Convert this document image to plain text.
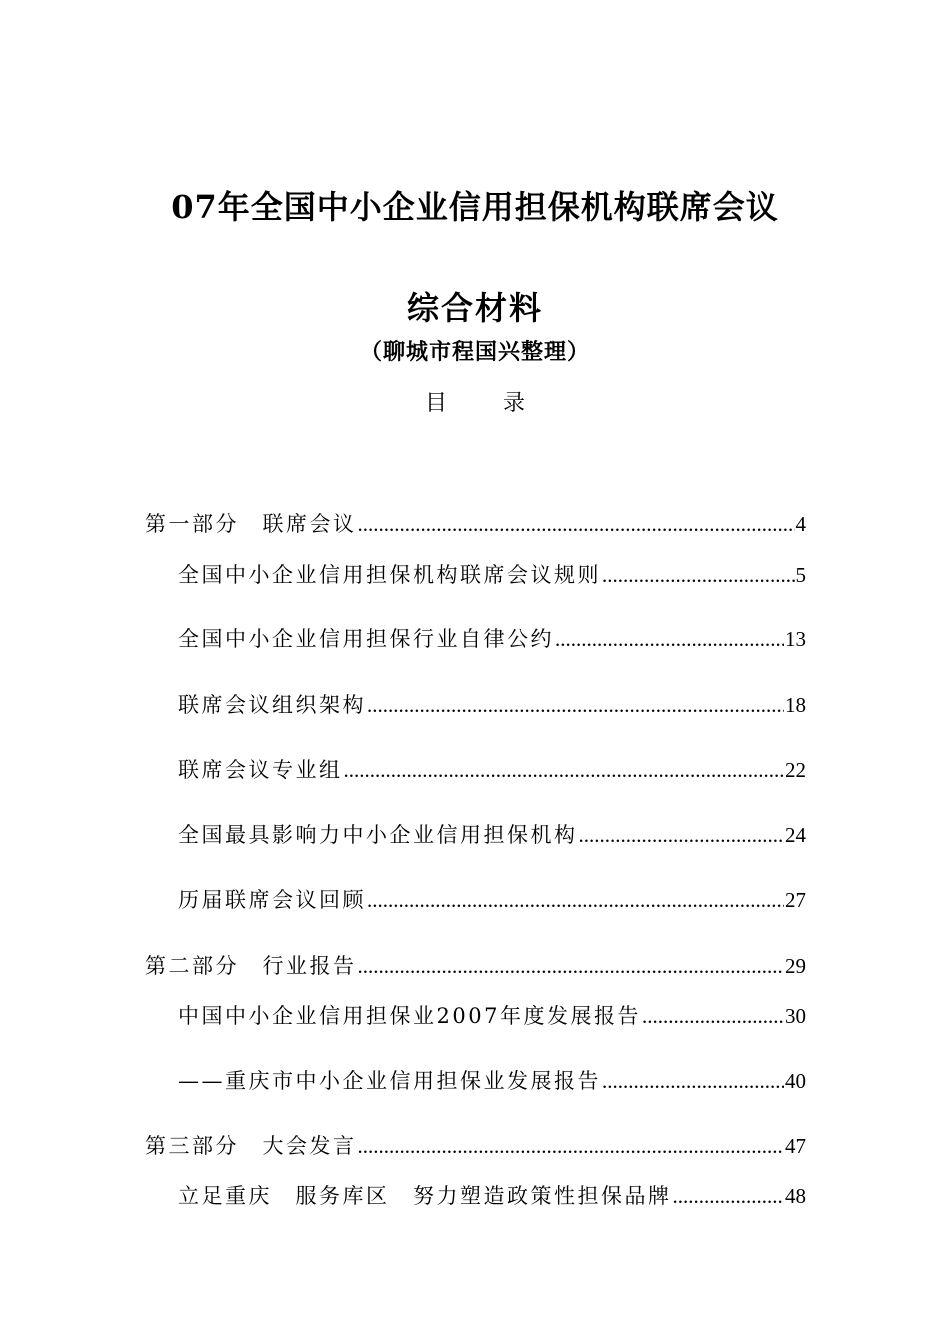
07年全国中小企业信用担保机构联席会议
综合材料
（聊城市程国兴整理）
目录
第一部分　联席会议 .....	4
全国中小企业信用担保机构联席会议规则 .....	5
全国中小企业信用担保行业自律公约 .....	13
联席会议组织架构 .....	18
联席会议专业组 .....	22
全国最具影响力中小企业信用担保机构 .....	24
历届联席会议回顾 .....	27
第二部分　行业报告 .....	29
中国中小企业信用担保业2007年度发展报告 .....	30
——重庆市中小企业信用担保业发展报告 .....	40
第三部分　大会发言 .....	47
立足重庆　服务库区　努力塑造政策性担保品牌 .....	48
